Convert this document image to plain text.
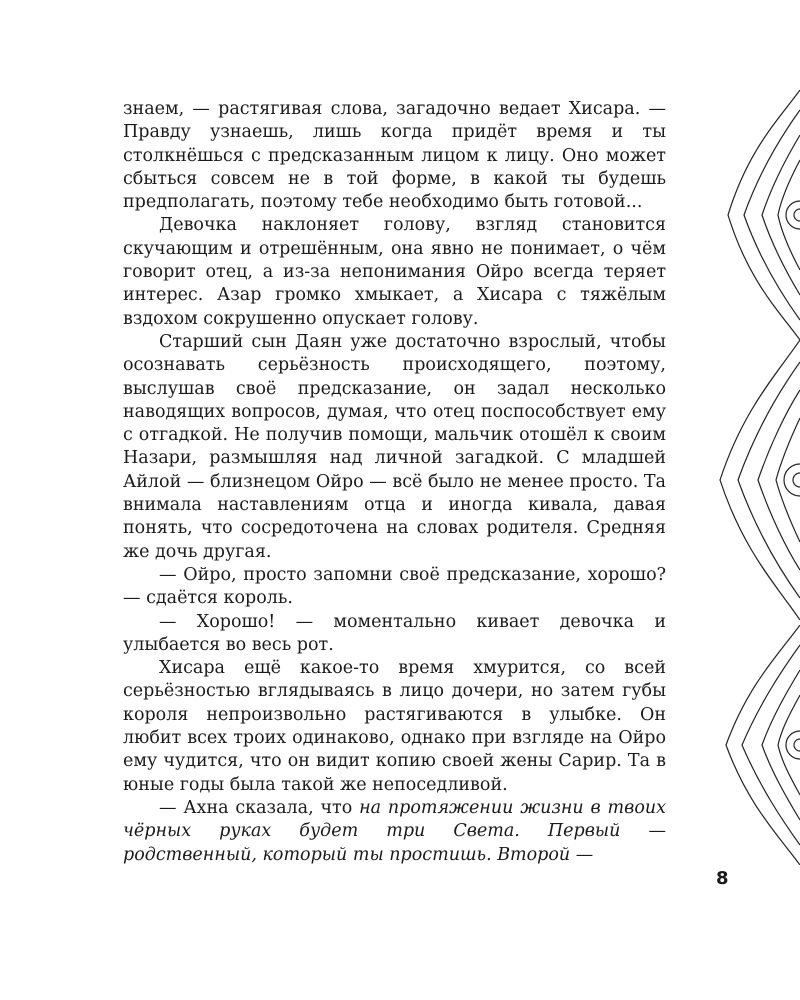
знаем, — растягивая слова, загадочно ведает Хисара. — Правду узнаешь, лишь когда придёт время и ты столкнёшься с предсказанным лицом к лицу. Оно может сбыться совсем не в той форме, в какой ты будешь предполагать, поэтому тебе необходимо быть готовой...

Девочка наклоняет голову, взгляд становится скучающим и отрешённым, она явно не понимает, о чём говорит отец, а из-за непонимания Ойро всегда теряет интерес. Азар громко хмыкает, а Хисара с тяжёлым вздохом сокрушенно опускает голову.

Старший сын Даян уже достаточно взрослый, чтобы осознавать серьёзность происходящего, поэтому, выслушав своё предсказание, он задал несколько наводящих вопросов, думая, что отец поспособствует ему с отгадкой. Не получив помощи, мальчик отошёл к своим Назари, размышляя над личной загадкой. С младшей Айлой — близнецом Ойро — всё было не менее просто. Та внимала наставлениям отца и иногда кивала, давая понять, что сосредоточена на словах родителя. Средняя же дочь другая.

— Ойро, просто запомни своё предсказание, хорошо? — сдаётся король.

— Хорошо! — моментально кивает девочка и улыбается во весь рот.

Хисара ещё какое-то время хмурится, со всей серьёзностью вглядываясь в лицо дочери, но затем губы короля непроизвольно растягиваются в улыбке. Он любит всех троих одинаково, однако при взгляде на Ойро ему чудится, что он видит копию своей жены Сарир. Та в юные годы была такой же непоседливой.

— Ахна сказала, что на протяжении жизни в твоих чёрных руках будет три Света. Первый — родственный, который ты простишь. Второй —

8
